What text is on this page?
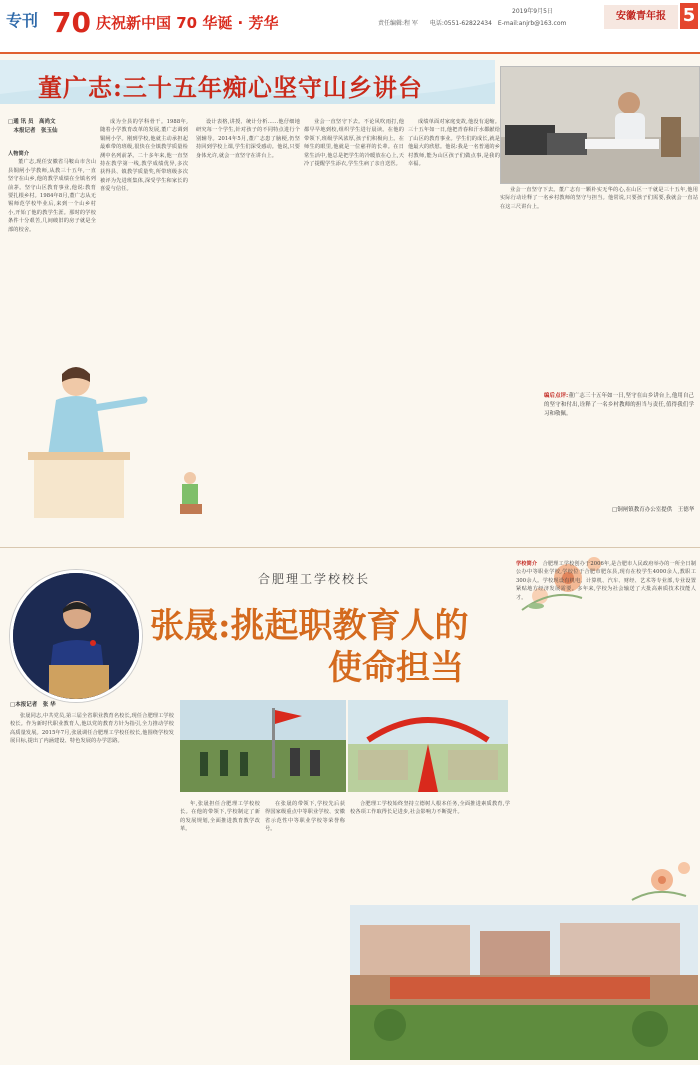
专刊 70 庆祝新中国 70 华诞 · 芳华
2019年9月5日
责任编辑:程 军　　电话:0551-62822434　E-mail:anjrb@163.com
安徽青年报 5
董广志:三十五年痴心坚守山乡讲台
□通 讯 员　高尚文
　本报记者　张玉仙

人物简介

董广志,现任安徽省马鞍山市含山县铜闸小学教师,从教三十五年,一直坚守在山乡,他的教学成绩在全镇名列前茅。坚守山区教育事业,他说:教育要扎根乡村。1984年8月,董广志从无锡师范学校毕业后,来到一个山乡村小,开始了他的教学生涯。那时的学校条件十分艰苦,几间破旧的房子就是全部的校舍。

成为全县的学科骨干。1988年,随着小学教育改革的发展,董广志调到铜闸小学。刚到学校,他就主动承担起最难带的班级,很快在全镇教学质量检测中名列前茅。二十多年来,他一直坚持在教学第一线,教学成绩优异,多次获得县、镇教学质量奖,所带班级多次被评为先进班集体,深受学生和家长的喜爱与信任。

设计表格,讲授、统计分析……他仔细地研究每一个学生,针对孩子的不同特点进行个别辅导。2014年5月,董广志患了脑梗,仍坚持回到学校上课,学生们深受感动。他说,只要身体允许,就会一直坚守在讲台上。

业会一直坚守下去。不论风吹雨打,他都早早地到校,组织学生进行晨读。在他的带领下,班级学风浓厚,孩子们积极向上。在师生的眼里,他就是一位慈祥的长辈。在日常生活中,他总是把学生的冷暖放在心上,天冷了提醒学生添衣,学生生病了亲自送医。

成绩单面对家庭变故,他没有退缩。三十五年如一日,他把青春和汗水都献给了山区的教育事业。学生们的成长,就是他最大的欣慰。他说:我是一名普通的乡村教师,能为山区孩子们做点事,是我的幸福。

业会一直坚守下去。董广志有一颗朴实无华的心,在山区一干就是三十五年,他用实际行动诠释了一名乡村教师的坚守与担当。他常说,只要孩子们需要,我就会一直站在这三尺讲台上。

编后点评:董广志三十五年如一日,坚守在山乡讲台上,他用自己的坚守和付出,诠释了一名乡村教师的担当与责任,值得我们学习和敬佩。

□铜闸镇教育办公室提供　王德华
合肥理工学校校长
张晟:挑起职教育人的
使命担当
□本报记者　张 华

张晟同志,中共党员,第三届全省职业教育名校长,现任合肥理工学校校长。作为新时代职业教育人,他以党的教育方针为指引,全力推动学校高质量发展。2015年7月,张晟调任合肥理工学校任校长,他围绕学校发展目标,提出了内涵建设、特色发展的办学思路。

年,张晟担任合肥理工学校校长。在他的带领下,学校制定了新的发展规划,全面推进教育教学改革。

在张晟的带领下,学校先后获得国家级重点中等职业学校、安徽省示范性中等职业学校等荣誉称号。

合肥理工学校始终坚持立德树人根本任务,全面推进素质教育,学校各项工作取得长足进步,社会影响力不断提升。

学校简介　 合肥理工学校创办于2006年,是合肥市人民政府举办的一所全日制公办中等职业学校,学校位于合肥市肥东县,现有在校学生4000余人,教职工300余人。学校现设有机电、计算机、汽车、财经、艺术等专业部,专业设置紧贴地方经济发展需要。多年来,学校为社会输送了大批高素质技术技能人才。
